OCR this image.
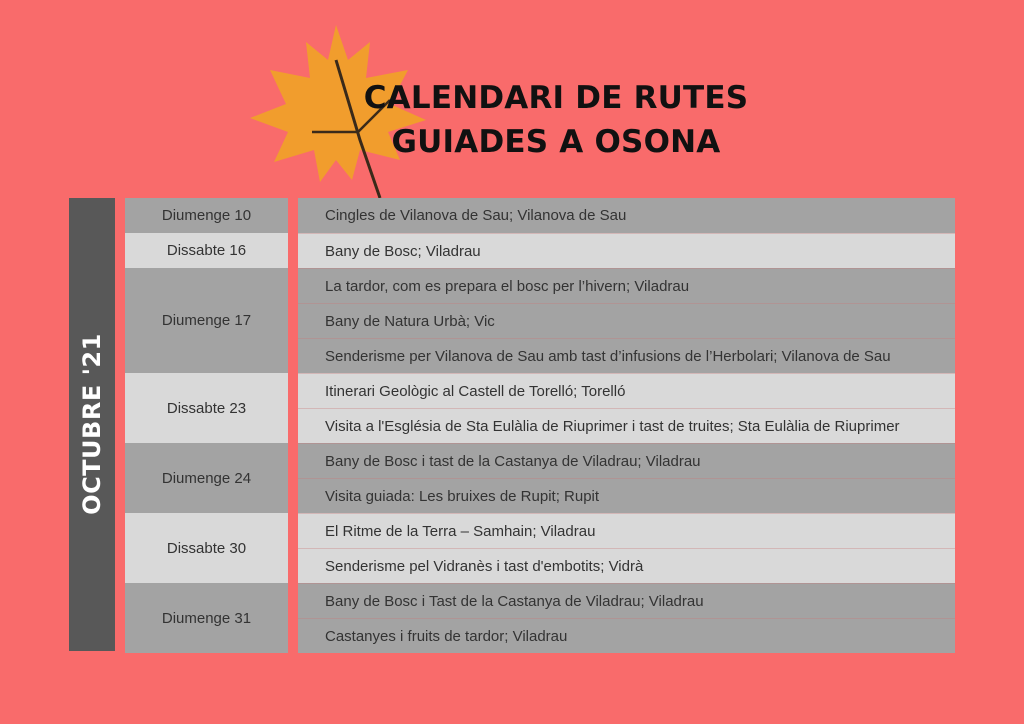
CALENDARI DE RUTES
GUIADES A OSONA
OCTUBRE '21
Diumenge 10
Dissabte 16
Diumenge 17
Dissabte 23
Diumenge 24
Dissabte 30
Diumenge 31
Cingles de Vilanova de Sau; Vilanova de Sau
Bany de Bosc; Viladrau
La tardor, com es prepara el bosc per l’hivern; Viladrau
Bany de Natura Urbà; Vic
Senderisme per Vilanova de Sau amb tast d’infusions de l’Herbolari; Vilanova de Sau
Itinerari Geològic al Castell de Torelló; Torelló
Visita a l'Església de Sta Eulàlia de Riuprimer i tast de truites; Sta Eulàlia de Riuprimer
Bany de Bosc i tast de la Castanya de Viladrau; Viladrau
Visita guiada: Les bruixes de Rupit; Rupit
El Ritme de la Terra – Samhain; Viladrau
Senderisme pel Vidranès i tast d'embotits; Vidrà
Bany de Bosc i Tast de la Castanya de Viladrau; Viladrau
Castanyes i fruits de tardor; Viladrau
